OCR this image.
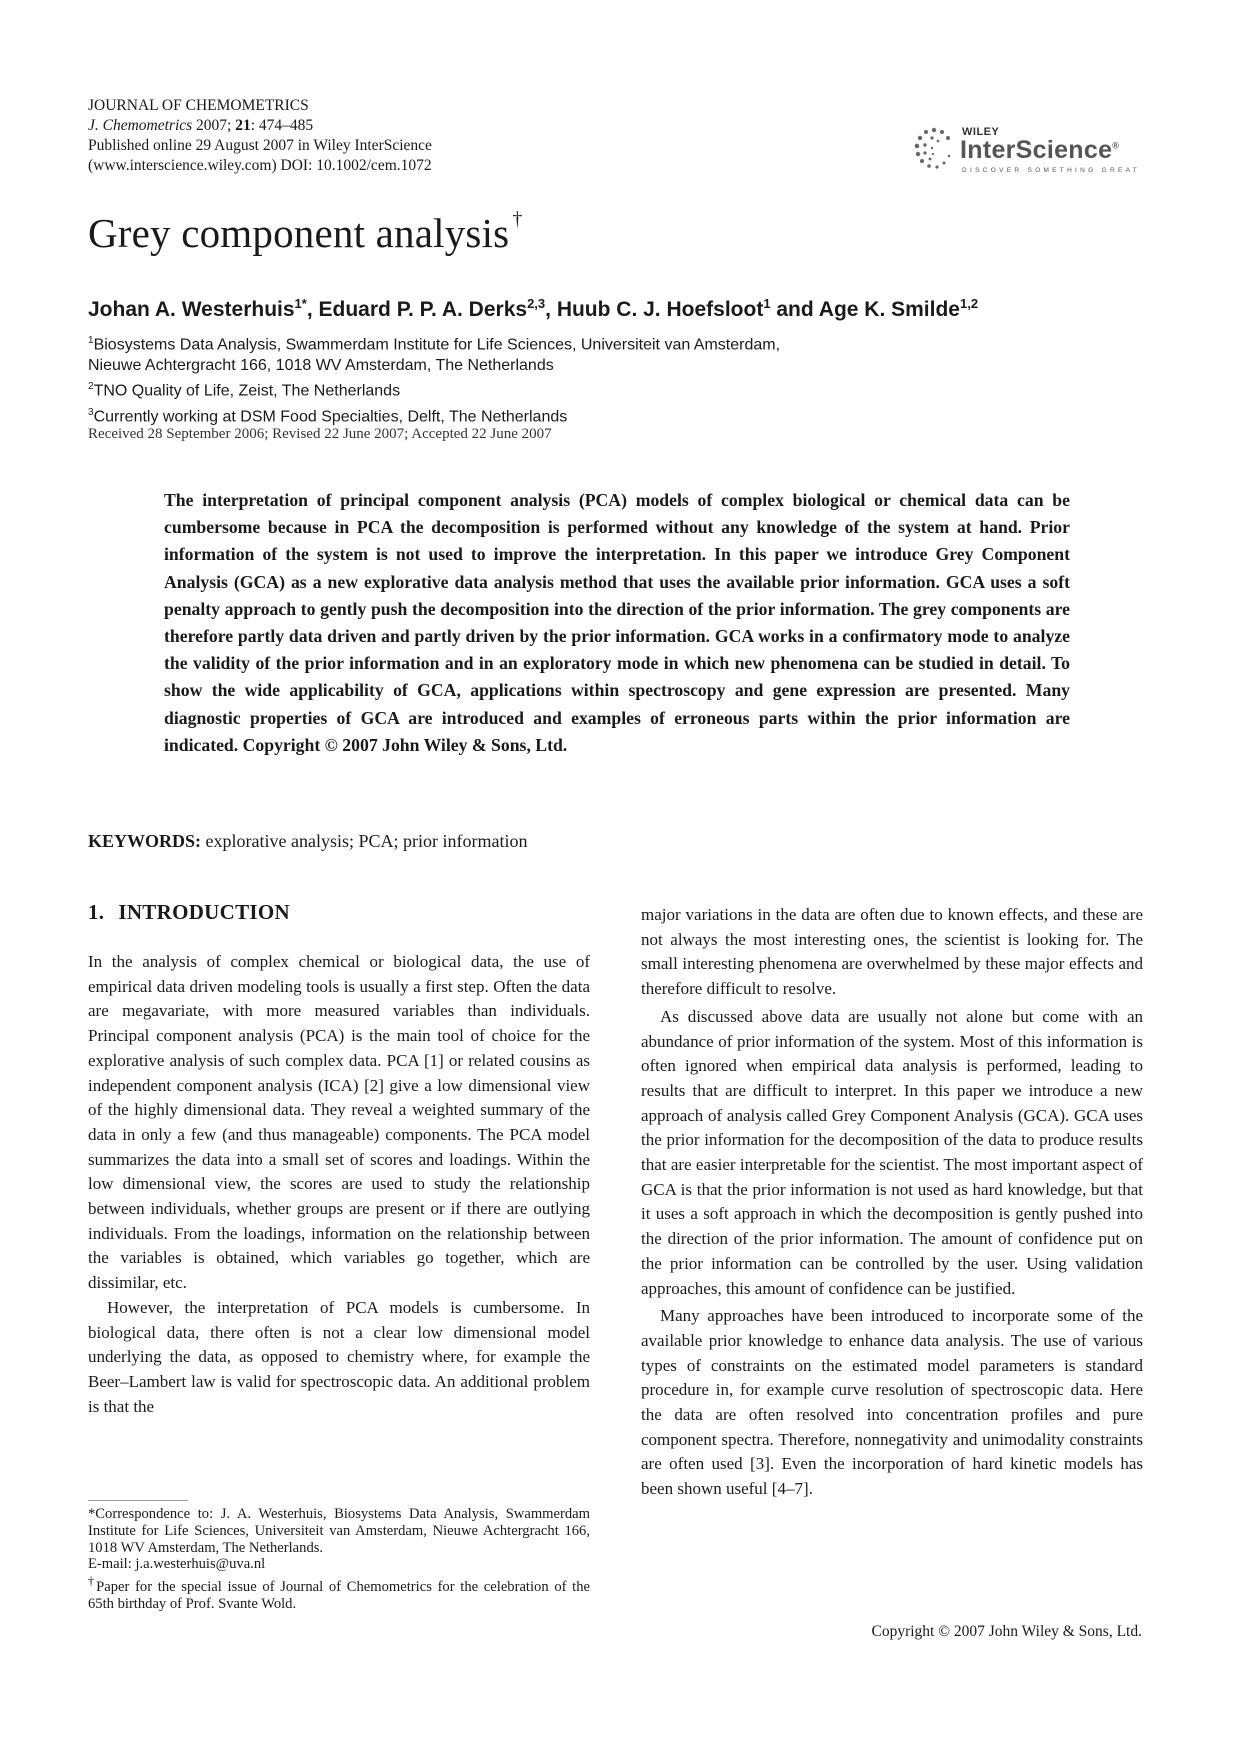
JOURNAL OF CHEMOMETRICS
J. Chemometrics 2007; 21: 474–485
Published online 29 August 2007 in Wiley InterScience
(www.interscience.wiley.com) DOI: 10.1002/cem.1072
WILEY
InterScience®
DISCOVER SOMETHING GREAT
Grey component analysis †
Johan A. Westerhuis$^{1*}$, Eduard P. P. A. Derks$^{2,3}$, Huub C. J. Hoefsloot$^1$ and Age K. Smilde$^{1,2}$
$^1$Biosystems Data Analysis, Swammerdam Institute for Life Sciences, Universiteit van Amsterdam,
Nieuwe Achtergracht 166, 1018 WV Amsterdam, The Netherlands
$^2$TNO Quality of Life, Zeist, The Netherlands
$^3$Currently working at DSM Food Specialties, Delft, The Netherlands
Received 28 September 2006; Revised 22 June 2007; Accepted 22 June 2007

The interpretation of principal component analysis (PCA) models of complex biological or chemical data can be cumbersome because in PCA the decomposition is performed without any knowledge of the system at hand. Prior information of the system is not used to improve the interpretation. In this paper we introduce Grey Component Analysis (GCA) as a new explorative data analysis method that uses the available prior information. GCA uses a soft penalty approach to gently push the decomposition into the direction of the prior information. The grey components are therefore partly data driven and partly driven by the prior information. GCA works in a confirmatory mode to analyze the validity of the prior information and in an exploratory mode in which new phenomena can be studied in detail. To show the wide applicability of GCA, applications within spectroscopy and gene expression are presented. Many diagnostic properties of GCA are introduced and examples of erroneous parts within the prior information are indicated. Copyright © 2007 John Wiley & Sons, Ltd.

KEYWORDS: explorative analysis; PCA; prior information
1. INTRODUCTION

In the analysis of complex chemical or biological data, the use of empirical data driven modeling tools is usually a first step. Often the data are megavariate, with more measured variables than individuals. Principal component analysis (PCA) is the main tool of choice for the explorative analysis of such complex data. PCA [1] or related cousins as independent component analysis (ICA) [2] give a low dimensional view of the highly dimensional data. They reveal a weighted summary of the data in only a few (and thus manageable) components. The PCA model summarizes the data into a small set of scores and loadings. Within the low dimensional view, the scores are used to study the relationship between individuals, whether groups are present or if there are outlying individuals. From the loadings, information on the relationship between the variables is obtained, which variables go together, which are dissimilar, etc.

However, the interpretation of PCA models is cumbersome. In biological data, there often is not a clear low dimensional model underlying the data, as opposed to chemistry where, for example the Beer–Lambert law is valid for spectroscopic data. An additional problem is that the

*Correspondence to: J. A. Westerhuis, Biosystems Data Analysis, Swammerdam Institute for Life Sciences, Universiteit van Amsterdam, Nieuwe Achtergracht 166, 1018 WV Amsterdam, The Netherlands.

E-mail: j.a.westerhuis@uva.nl

†Paper for the special issue of Journal of Chemometrics for the celebration of the 65th birthday of Prof. Svante Wold.

major variations in the data are often due to known effects, and these are not always the most interesting ones, the scientist is looking for. The small interesting phenomena are overwhelmed by these major effects and therefore difficult to resolve.

As discussed above data are usually not alone but come with an abundance of prior information of the system. Most of this information is often ignored when empirical data analysis is performed, leading to results that are difficult to interpret. In this paper we introduce a new approach of analysis called Grey Component Analysis (GCA). GCA uses the prior information for the decomposition of the data to produce results that are easier interpretable for the scientist. The most important aspect of GCA is that the prior information is not used as hard knowledge, but that it uses a soft approach in which the decomposition is gently pushed into the direction of the prior information. The amount of confidence put on the prior information can be controlled by the user. Using validation approaches, this amount of confidence can be justified.

Many approaches have been introduced to incorporate some of the available prior knowledge to enhance data analysis. The use of various types of constraints on the estimated model parameters is standard procedure in, for example curve resolution of spectroscopic data. Here the data are often resolved into concentration profiles and pure component spectra. Therefore, nonnegativity and unimodality constraints are often used [3]. Even the incorporation of hard kinetic models has been shown useful [4–7].

Copyright © 2007 John Wiley & Sons, Ltd.
